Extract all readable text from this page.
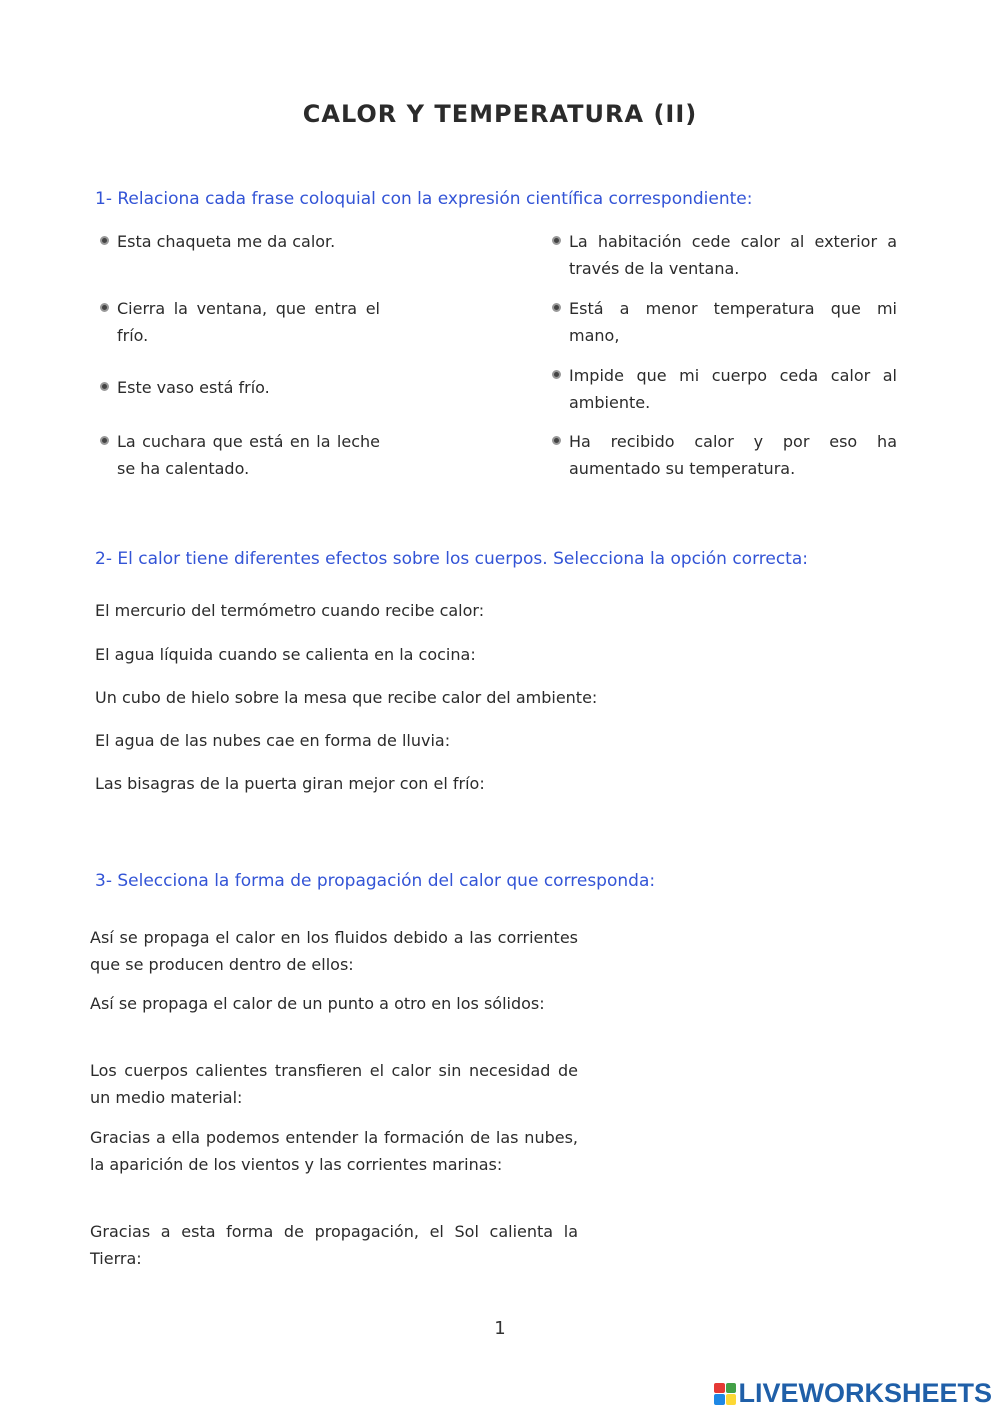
CALOR Y TEMPERATURA (II)
1- Relaciona cada frase coloquial con la expresión científica correspondiente:
Esta chaqueta me da calor.
Cierra la ventana, que entra el frío.
Este vaso está frío.
La cuchara que está en la leche se ha calentado.
La habitación cede calor al exterior a través de la ventana.
Está a menor temperatura que mi mano,
Impide que mi cuerpo ceda calor al ambiente.
Ha recibido calor y por eso ha aumentado su temperatura.
2- El calor tiene diferentes efectos sobre los cuerpos. Selecciona la opción correcta:
El mercurio del termómetro cuando recibe calor:
El agua líquida cuando se calienta en la cocina:
Un cubo de hielo sobre la mesa que recibe calor del ambiente:
El agua de las nubes cae en forma de lluvia:
Las bisagras de la puerta giran mejor con el frío:
3- Selecciona la forma de propagación del calor que corresponda:
Así se propaga el calor en los fluidos debido a las corrientes que se producen dentro de ellos:
Así se propaga el calor de un punto a otro en los sólidos:
Los cuerpos calientes transfieren el calor sin necesidad de un medio material:
Gracias a ella podemos entender la formación de las nubes, la aparición de los vientos y las corrientes marinas:
Gracias a esta forma de propagación, el Sol calienta la Tierra:
1
LIVEWORKSHEETS
